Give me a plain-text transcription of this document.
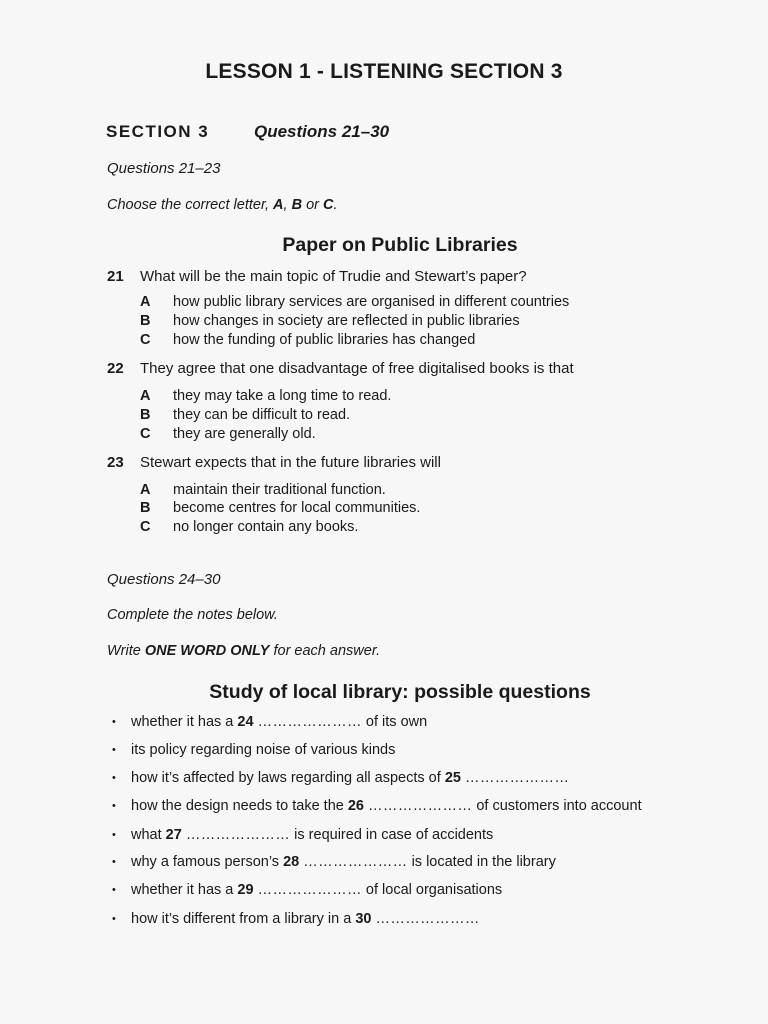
LESSON 1 - LISTENING SECTION 3
SECTION 3	Questions 21–30
Questions 21–23
Choose the correct letter, A, B or C.
Paper on Public Libraries
21 What will be the main topic of Trudie and Stewart’s paper?
A how public library services are organised in different countries
B how changes in society are reflected in public libraries
C how the funding of public libraries has changed
22 They agree that one disadvantage of free digitalised books is that
A they may take a long time to read.
B they can be difficult to read.
C they are generally old.
23 Stewart expects that in the future libraries will
A maintain their traditional function.
B become centres for local communities.
C no longer contain any books.
Questions 24–30
Complete the notes below.
Write ONE WORD ONLY for each answer.
Study of local library: possible questions
• whether it has a 24 ………………… of its own
• its policy regarding noise of various kinds
• how it’s affected by laws regarding all aspects of 25 …………………
• how the design needs to take the 26 ………………… of customers into account
• what 27 ………………… is required in case of accidents
• why a famous person’s 28 ………………… is located in the library
• whether it has a 29 ………………… of local organisations
• how it’s different from a library in a 30 …………………
